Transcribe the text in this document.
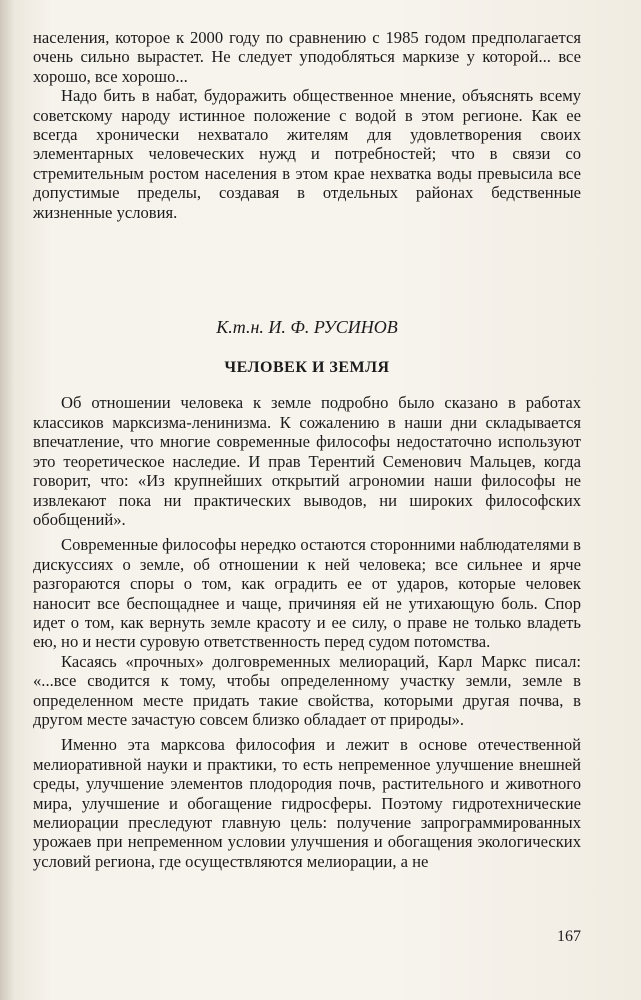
населения, которое к 2000 году по сравнению с 1985 годом предполагается очень сильно вырастет. Не следует уподобляться маркизе у которой... все хорошо, все хорошо...

Надо бить в набат, будоражить общественное мнение, объяснять всему советскому народу истинное положение с водой в этом регионе. Как ее всегда хронически нехватало жителям для удовлетворения своих элементарных человеческих нужд и потребностей; что в связи со стремительным ростом населения в этом крае нехватка воды превысила все допустимые пределы, создавая в отдельных районах бедственные жизненные условия.

К.т.н. И. Ф. РУСИНОВ
ЧЕЛОВЕК И ЗЕМЛЯ

Об отношении человека к земле подробно было сказано в работах классиков марксизма-ленинизма. К сожалению в наши дни складывается впечатление, что многие современные философы недостаточно используют это теоретическое наследие. И прав Терентий Семенович Мальцев, когда говорит, что: «Из крупнейших открытий агрономии наши философы не извлекают пока ни практических выводов, ни широких философских обобщений».

Современные философы нередко остаются сторонними наблюдателями в дискуссиях о земле, об отношении к ней человека; все сильнее и ярче разгораются споры о том, как оградить ее от ударов, которые человек наносит все беспощаднее и чаще, причиняя ей не утихающую боль. Спор идет о том, как вернуть земле красоту и ее силу, о праве не только владеть ею, но и нести суровую ответственность перед судом потомства.

Касаясь «прочных» долговременных мелиораций, Карл Маркс писал: «...все сводится к тому, чтобы определенному участку земли, земле в определенном месте придать такие свойства, которыми другая почва, в другом месте зачастую совсем близко обладает от природы».

Именно эта марксова философия и лежит в основе отечественной мелиоративной науки и практики, то есть непременное улучшение внешней среды, улучшение элементов плодородия почв, растительного и животного мира, улучшение и обогащение гидросферы. Поэтому гидротехнические мелиорации преследуют главную цель: получение запрограммированных урожаев при непременном условии улучшения и обогащения экологических условий региона, где осуществляются мелиорации, а не

167
